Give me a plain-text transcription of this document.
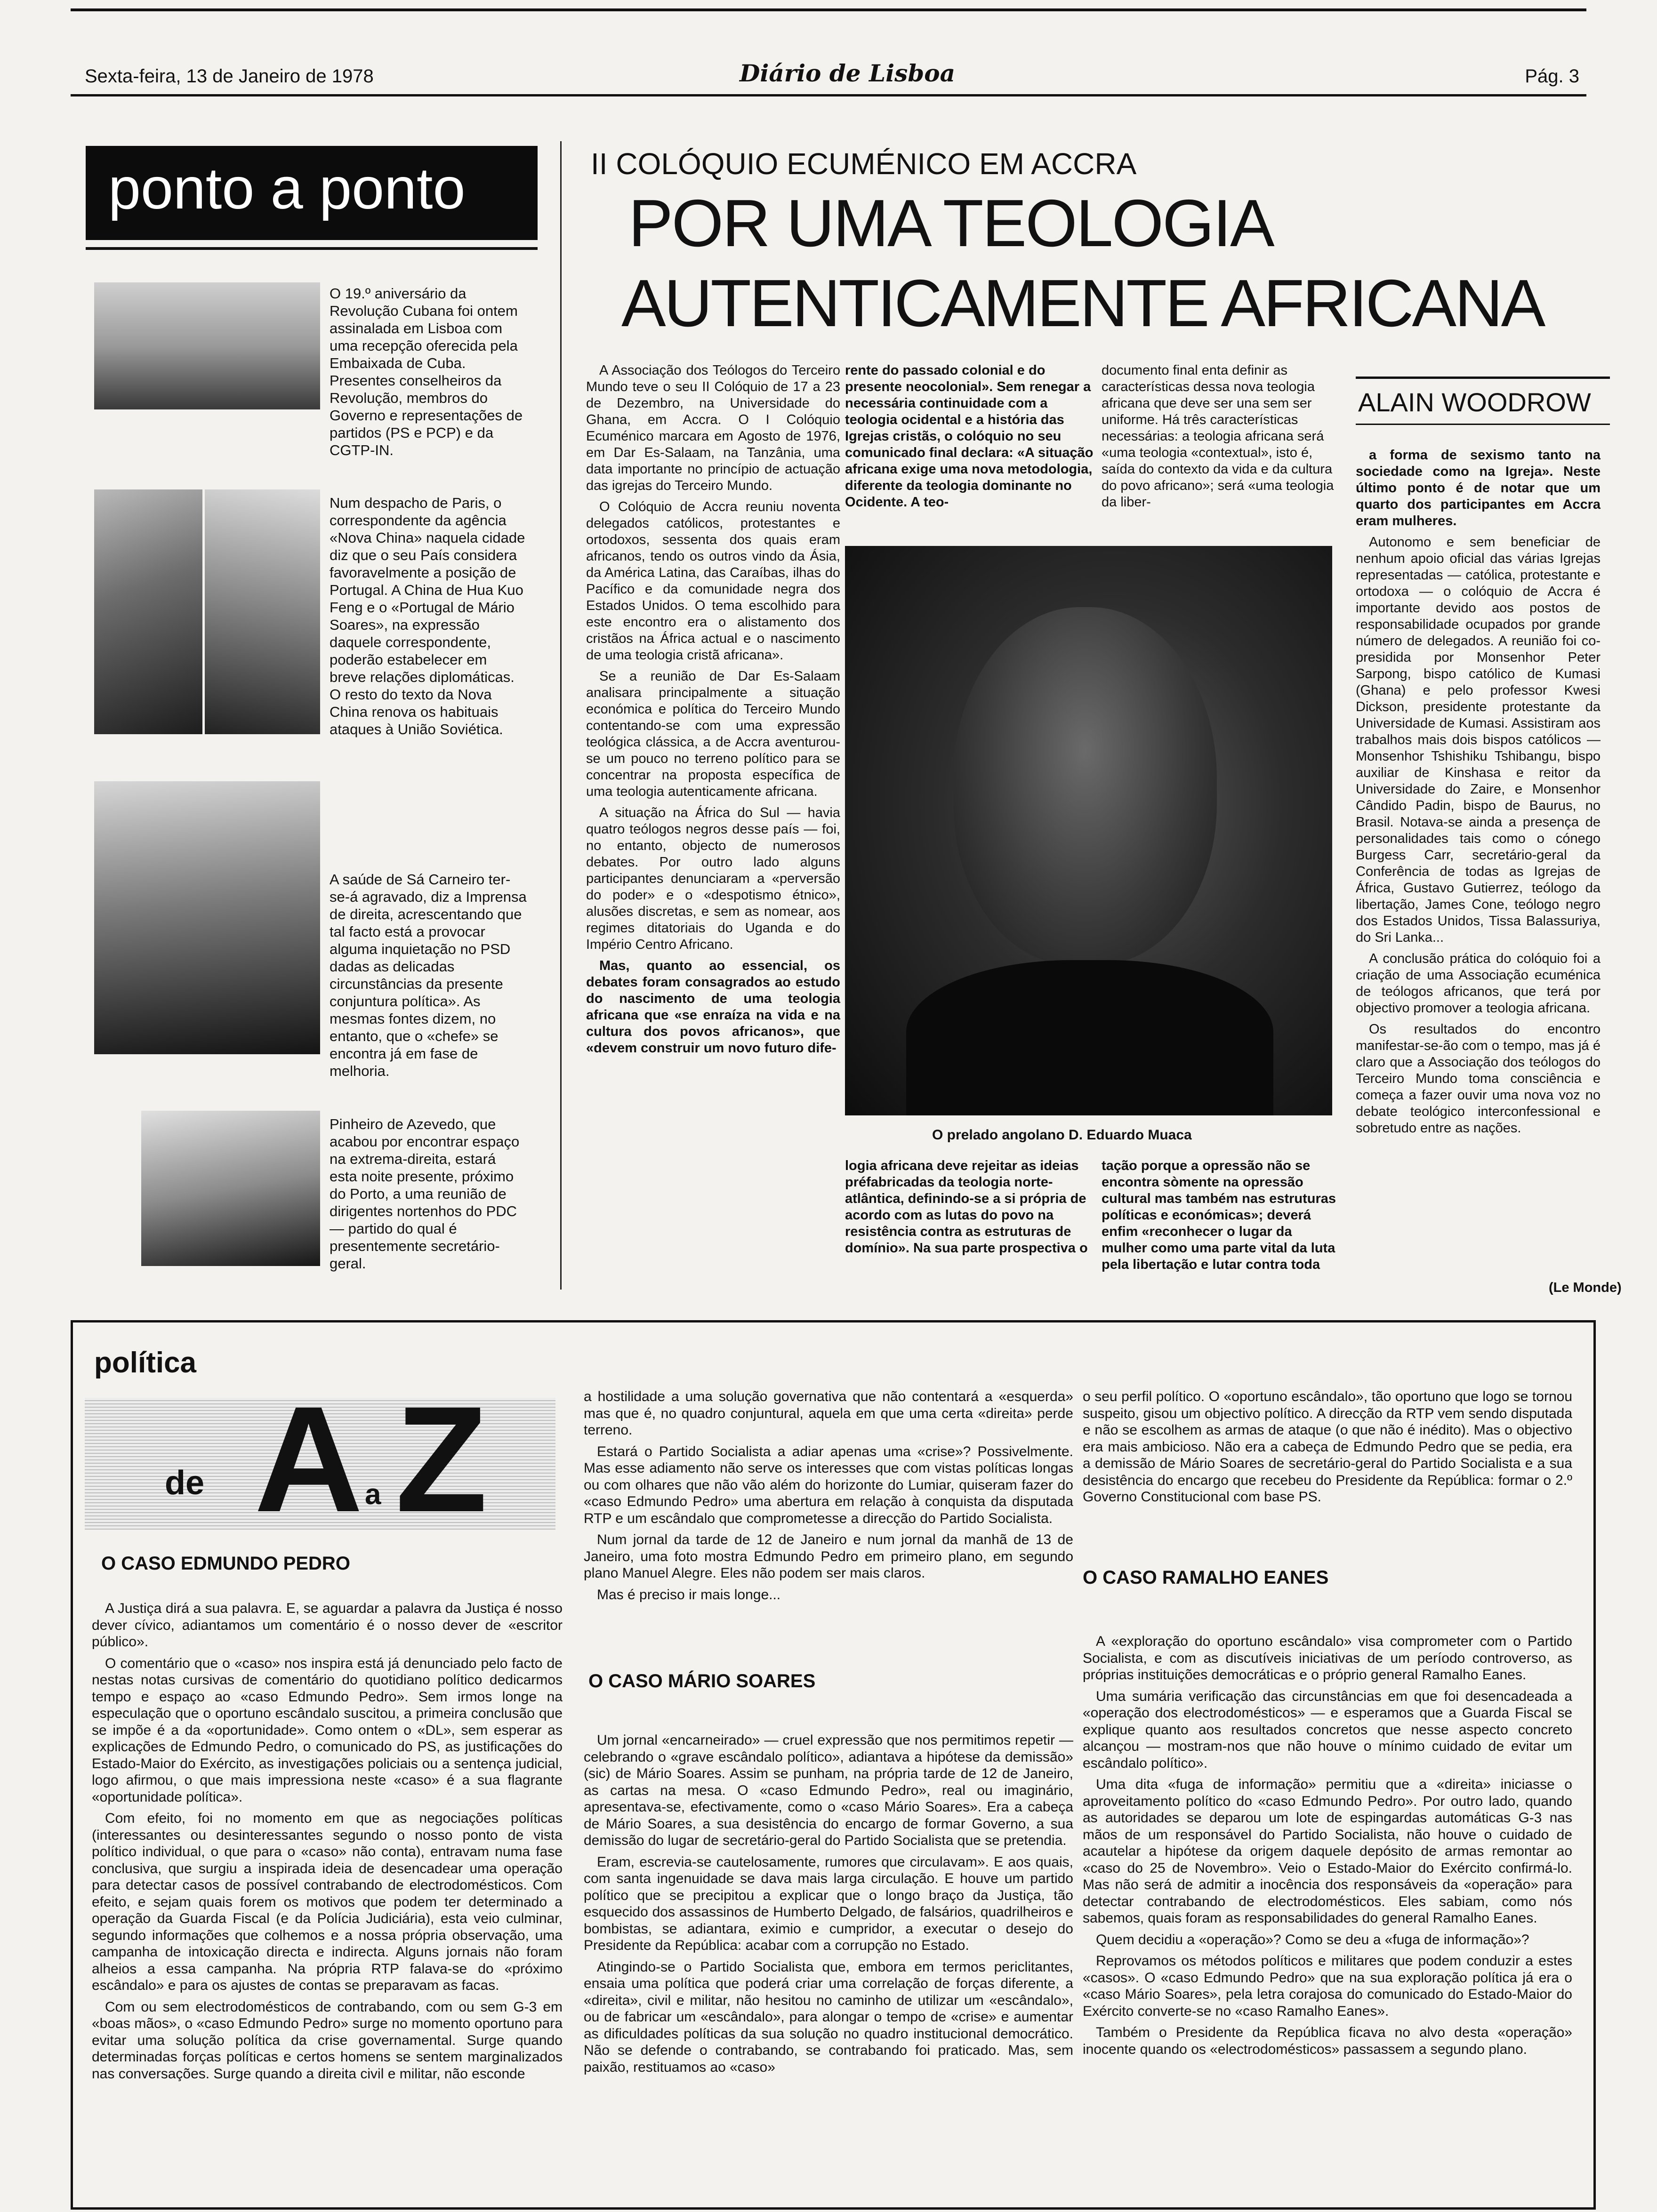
Sexta-feira, 13 de Janeiro de 1978	Diário de Lisboa	Pág. 3
ponto a ponto
O 19.º aniversário da Revolução Cubana foi ontem assinalada em Lisboa com uma recepção oferecida pela Embaixada de Cuba. Presentes conselheiros da Revolução, membros do Governo e representações de partidos (PS e PCP) e da CGTP-IN.
Num despacho de Paris, o correspondente da agência «Nova China» naquela cidade diz que o seu País considera favoravelmente a posição de Portugal. A China de Hua Kuo Feng e o «Portugal de Mário Soares», na expressão daquele correspondente, poderão estabelecer em breve relações diplomáticas. O resto do texto da Nova China renova os habituais ataques à União Soviética.
A saúde de Sá Carneiro ter-se-á agravado, diz a Imprensa de direita, acrescentando que tal facto está a provocar alguma inquietação no PSD dadas as delicadas circunstâncias da presente conjuntura política». As mesmas fontes dizem, no entanto, que o «chefe» se encontra já em fase de melhoria.
Pinheiro de Azevedo, que acabou por encontrar espaço na extrema-direita, estará esta noite presente, próximo do Porto, a uma reunião de dirigentes nortenhos do PDC — partido do qual é presentemente secretário-geral.
II COLÓQUIO ECUMÉNICO EM ACCRA
POR UMA TEOLOGIA
AUTENTICAMENTE AFRICANA

A Associação dos Teólogos do Terceiro Mundo teve o seu II Colóquio de 17 a 23 de Dezembro, na Universidade do Ghana, em Accra. O I Colóquio Ecuménico marcara em Agosto de 1976, em Dar Es-Salaam, na Tanzânia, uma data importante no princípio de actuação das igrejas do Terceiro Mundo.

O Colóquio de Accra reuniu noventa delegados católicos, protestantes e ortodoxos, sessenta dos quais eram africanos, tendo os outros vindo da Ásia, da América Latina, das Caraíbas, ilhas do Pacífico e da comunidade negra dos Estados Unidos. O tema escolhido para este encontro era o alistamento dos cristãos na África actual e o nascimento de uma teologia cristã africana».

Se a reunião de Dar Es-Salaam analisara principalmente a situação económica e política do Terceiro Mundo contentando-se com uma expressão teológica clássica, a de Accra aventurou-se um pouco no terreno político para se concentrar na proposta específica de uma teologia autenticamente africana.

A situação na África do Sul — havia quatro teólogos negros desse país — foi, no entanto, objecto de numerosos debates. Por outro lado alguns participantes denunciaram a «perversão do poder» e o «despotismo étnico», alusões discretas, e sem as nomear, aos regimes ditatoriais do Uganda e do Império Centro Africano.

Mas, quanto ao essencial, os debates foram consagrados ao estudo do nascimento de uma teologia africana que «se enraíza na vida e na cultura dos povos africanos», que «devem construir um novo futuro dife-

rente do passado colonial e do presente neocolonial». Sem renegar a necessária continuidade com a teologia ocidental e a história das Igrejas cristãs, o colóquio no seu comunicado final declara: «A situação africana exige uma nova metodologia, diferente da teologia dominante no Ocidente. A teo-
documento final enta definir as características dessa nova teologia africana que deve ser una sem ser uniforme. Há três características necessárias: a teologia africana será «uma teologia «contextual», isto é, saída do contexto da vida e da cultura do povo africano»; será «uma teologia da liber-
O prelado angolano D. Eduardo Muaca
logia africana deve rejeitar as ideias préfabricadas da teologia norte-atlântica, definindo-se a si própria de acordo com as lutas do povo na resistência contra as estruturas de domínio». Na sua parte prospectiva o
tação porque a opressão não se encontra sòmente na opressão cultural mas também nas estruturas políticas e económicas»; deverá enfim «reconhecer o lugar da mulher como uma parte vital da luta pela libertação e lutar contra toda
ALAIN WOODROW

a forma de sexismo tanto na sociedade como na Igreja». Neste último ponto é de notar que um quarto dos participantes em Accra eram mulheres.

Autonomo e sem beneficiar de nenhum apoio oficial das várias Igrejas representadas — católica, protestante e ortodoxa — o colóquio de Accra é importante devido aos postos de responsabilidade ocupados por grande número de delegados. A reunião foi co-presidida por Monsenhor Peter Sarpong, bispo católico de Kumasi (Ghana) e pelo professor Kwesi Dickson, presidente protestante da Universidade de Kumasi. Assistiram aos trabalhos mais dois bispos católicos — Monsenhor Tshishiku Tshibangu, bispo auxiliar de Kinshasa e reitor da Universidade do Zaire, e Monsenhor Cândido Padin, bispo de Baurus, no Brasil. Notava-se ainda a presença de personalidades tais como o cónego Burgess Carr, secretário-geral da Conferência de todas as Igrejas de África, Gustavo Gutierrez, teólogo da libertação, James Cone, teólogo negro dos Estados Unidos, Tissa Balassuriya, do Sri Lanka...

A conclusão prática do colóquio foi a criação de uma Associação ecuménica de teólogos africanos, que terá por objectivo promover a teologia africana.

Os resultados do encontro manifestar-se-ão com o tempo, mas já é claro que a Associação dos teólogos do Terceiro Mundo toma consciência e começa a fazer ouvir uma nova voz no debate teológico interconfessional e sobretudo entre as nações.

(Le Monde)
política
de A a Z
O CASO EDMUNDO PEDRO

A Justiça dirá a sua palavra. E, se aguardar a palavra da Justiça é nosso dever cívico, adiantamos um comentário é o nosso dever de «escritor público».

O comentário que o «caso» nos inspira está já denunciado pelo facto de nestas notas cursivas de comentário do quotidiano político dedicarmos tempo e espaço ao «caso Edmundo Pedro». Sem irmos longe na especulação que o oportuno escândalo suscitou, a primeira conclusão que se impõe é a da «oportunidade». Como ontem o «DL», sem esperar as explicações de Edmundo Pedro, o comunicado do PS, as justificações do Estado-Maior do Exército, as investigações policiais ou a sentença judicial, logo afirmou, o que mais impressiona neste «caso» é a sua flagrante «oportunidade política».

Com efeito, foi no momento em que as negociações políticas (interessantes ou desinteressantes segundo o nosso ponto de vista político individual, o que para o «caso» não conta), entravam numa fase conclusiva, que surgiu a inspirada ideia de desencadear uma operação para detectar casos de possível contrabando de electrodomésticos. Com efeito, e sejam quais forem os motivos que podem ter determinado a operação da Guarda Fiscal (e da Polícia Judiciária), esta veio culminar, segundo informações que colhemos e a nossa própria observação, uma campanha de intoxicação directa e indirecta. Alguns jornais não foram alheios a essa campanha. Na própria RTP falava-se do «próximo escândalo» e para os ajustes de contas se preparavam as facas.

Com ou sem electrodomésticos de contrabando, com ou sem G-3 em «boas mãos», o «caso Edmundo Pedro» surge no momento oportuno para evitar uma solução política da crise governamental. Surge quando determinadas forças políticas e certos homens se sentem marginalizados nas conversações. Surge quando a direita civil e militar, não esconde

a hostilidade a uma solução governativa que não contentará a «esquerda» mas que é, no quadro conjuntural, aquela em que uma certa «direita» perde terreno.

Estará o Partido Socialista a adiar apenas uma «crise»? Possivelmente. Mas esse adiamento não serve os interesses que com vistas políticas longas ou com olhares que não vão além do horizonte do Lumiar, quiseram fazer do «caso Edmundo Pedro» uma abertura em relação à conquista da disputada RTP e um escândalo que comprometesse a direcção do Partido Socialista.

Num jornal da tarde de 12 de Janeiro e num jornal da manhã de 13 de Janeiro, uma foto mostra Edmundo Pedro em primeiro plano, em segundo plano Manuel Alegre. Eles não podem ser mais claros.

Mas é preciso ir mais longe...

O CASO MÁRIO SOARES

Um jornal «encarneirado» — cruel expressão que nos permitimos repetir — celebrando o «grave escândalo político», adiantava a hipótese da demissão» (sic) de Mário Soares. Assim se punham, na própria tarde de 12 de Janeiro, as cartas na mesa. O «caso Edmundo Pedro», real ou imaginário, apresentava-se, efectivamente, como o «caso Mário Soares». Era a cabeça de Mário Soares, a sua desistência do encargo de formar Governo, a sua demissão do lugar de secretário-geral do Partido Socialista que se pretendia.

Eram, escrevia-se cautelosamente, rumores que circulavam». E aos quais, com santa ingenuidade se dava mais larga circulação. E houve um partido político que se precipitou a explicar que o longo braço da Justiça, tão esquecido dos assassinos de Humberto Delgado, de falsários, quadrilheiros e bombistas, se adiantara, eximio e cumpridor, a executar o desejo do Presidente da República: acabar com a corrupção no Estado.

Atingindo-se o Partido Socialista que, embora em termos periclitantes, ensaia uma política que poderá criar uma correlação de forças diferente, a «direita», civil e militar, não hesitou no caminho de utilizar um «escândalo», ou de fabricar um «escândalo», para alongar o tempo de «crise» e aumentar as dificuldades políticas da sua solução no quadro institucional democrático. Não se defende o contrabando, se contrabando foi praticado. Mas, sem paixão, restituamos ao «caso»

o seu perfil político. O «oportuno escândalo», tão oportuno que logo se tornou suspeito, gisou um objectivo político. A direcção da RTP vem sendo disputada e não se escolhem as armas de ataque (o que não é inédito). Mas o objectivo era mais ambicioso. Não era a cabeça de Edmundo Pedro que se pedia, era a demissão de Mário Soares de secretário-geral do Partido Socialista e a sua desistência do encargo que recebeu do Presidente da República: formar o 2.º Governo Constitucional com base PS.
O CASO RAMALHO EANES

A «exploração do oportuno escândalo» visa comprometer com o Partido Socialista, e com as discutíveis iniciativas de um período controverso, as próprias instituições democráticas e o próprio general Ramalho Eanes.

Uma sumária verificação das circunstâncias em que foi desencadeada a «operação dos electrodomésticos» — e esperamos que a Guarda Fiscal se explique quanto aos resultados concretos que nesse aspecto concreto alcançou — mostram-nos que não houve o mínimo cuidado de evitar um escândalo político».

Uma dita «fuga de informação» permitiu que a «direita» iniciasse o aproveitamento político do «caso Edmundo Pedro». Por outro lado, quando as autoridades se deparou um lote de espingardas automáticas G-3 nas mãos de um responsável do Partido Socialista, não houve o cuidado de acautelar a hipótese da origem daquele depósito de armas remontar ao «caso do 25 de Novembro». Veio o Estado-Maior do Exército confirmá-lo. Mas não será de admitir a inocência dos responsáveis da «operação» para detectar contrabando de electrodomésticos. Eles sabiam, como nós sabemos, quais foram as responsabilidades do general Ramalho Eanes.

Quem decidiu a «operação»? Como se deu a «fuga de informação»?

Reprovamos os métodos políticos e militares que podem conduzir a estes «casos». O «caso Edmundo Pedro» que na sua exploração política já era o «caso Mário Soares», pela letra corajosa do comunicado do Estado-Maior do Exército converte-se no «caso Ramalho Eanes».

Também o Presidente da República ficava no alvo desta «operação» inocente quando os «electrodomésticos» passassem a segundo plano.
